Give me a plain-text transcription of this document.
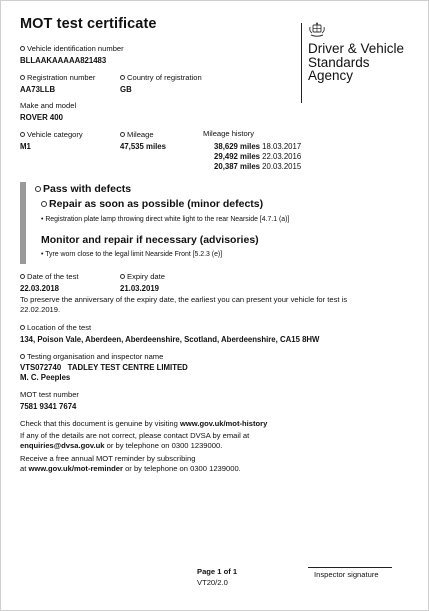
MOT test certificate
Driver & Vehicle
Standards
Agency
Vehicle identification number
BLLAAKAAAAA821483
Registration number
AA73LLB
Country of registration
GB
Make and model
ROVER 400
Vehicle category
M1
Mileage
47,535 miles
Mileage history
38,629 miles 18.03.2017
29,492 miles 22.03.2016
20,387 miles 20.03.2015
Pass with defects
Repair as soon as possible (minor defects)
• Registration plate lamp throwing direct white light to the rear Nearside [4.7.1 (a)]
Monitor and repair if necessary (advisories)
• Tyre worn close to the legal limit Nearside Front [5.2.3 (e)]
Date of the test
22.03.2018
Expiry date
21.03.2019
To preserve the anniversary of the expiry date, the earliest you can present your vehicle for test is
22.02.2019.
Location of the test
134, Poison Vale, Aberdeen, Aberdeenshire, Scotland, Aberdeenshire, CA15 8HW
Testing organisation and inspector name
VTS072740   TADLEY TEST CENTRE LIMITED
M. C. Peeples
MOT test number
7581 9341 7674
Check that this document is genuine by visiting www.gov.uk/mot-history
If any of the details are not correct, please contact DVSA by email at
enquiries@dvsa.gov.uk or by telephone on 0300 1239000.
Receive a free annual MOT reminder by subscribing
at www.gov.uk/mot-reminder or by telephone on 0300 1239000.
Page 1 of 1
VT20/2.0
Inspector signature
